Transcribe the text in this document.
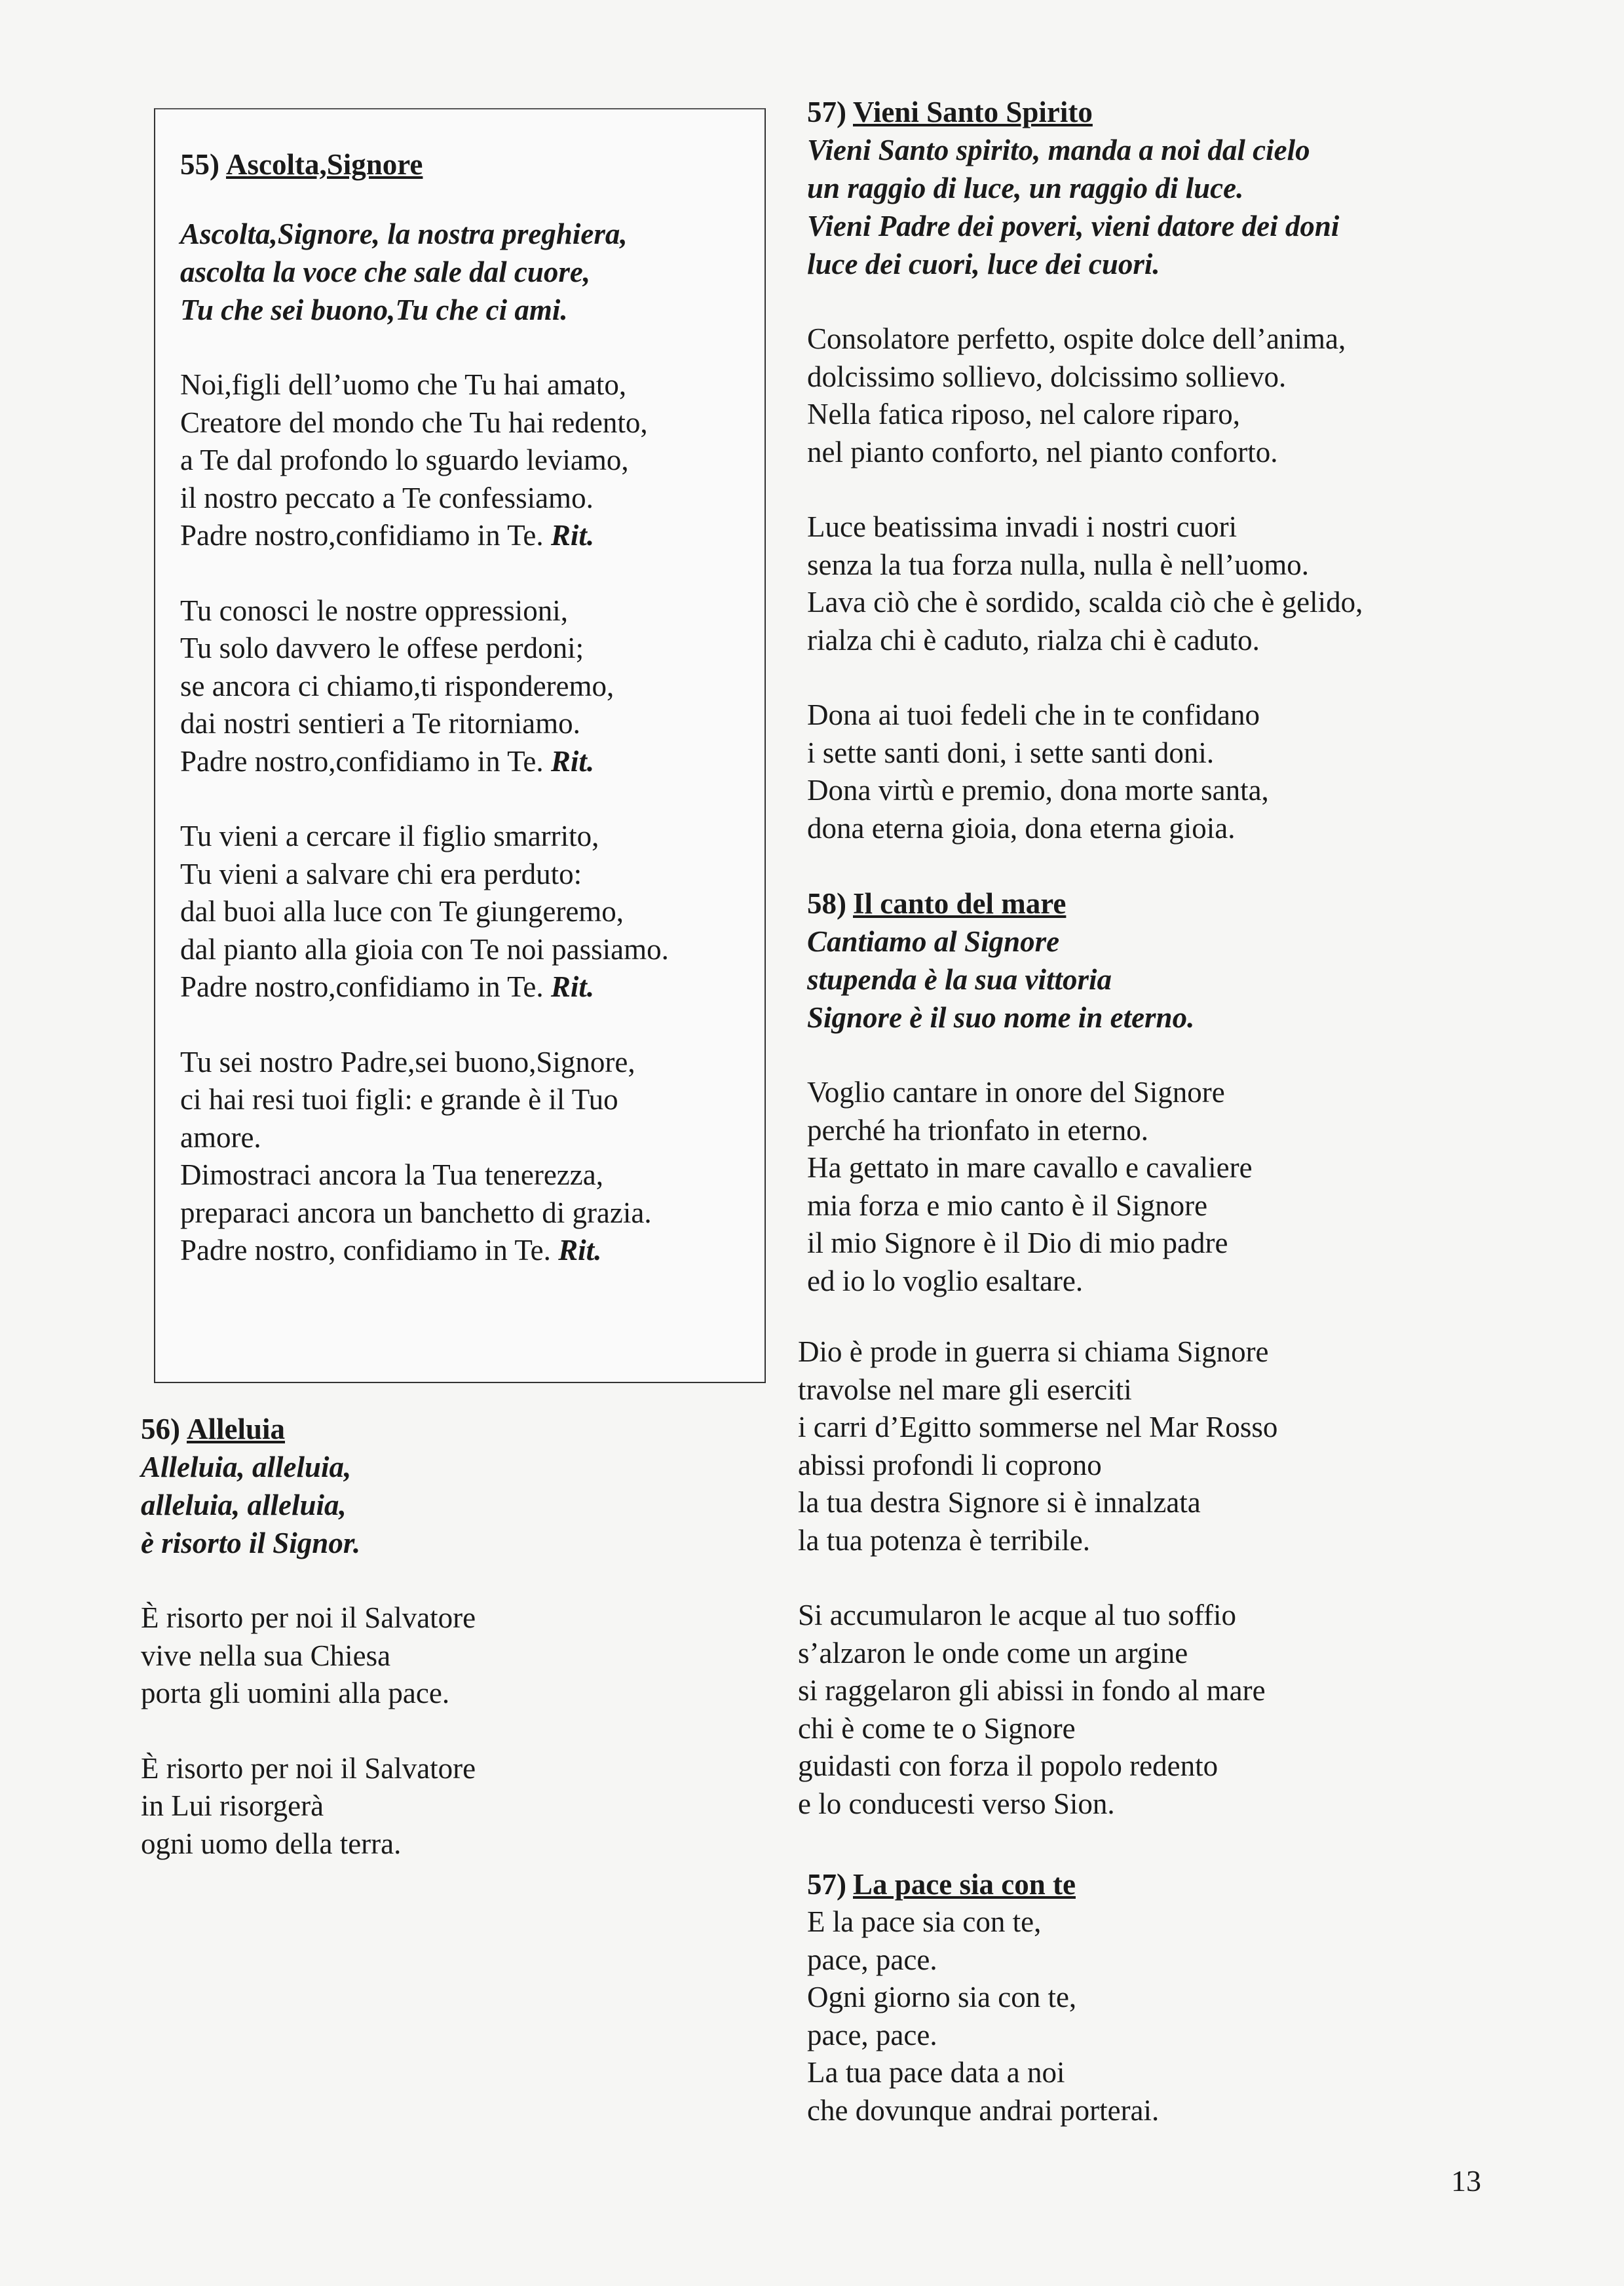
55) Ascolta,Signore
Ascolta,Signore, la nostra preghiera,
ascolta la voce che sale dal cuore,
Tu che sei buono,Tu che ci ami.
Noi,figli dell’uomo che Tu hai amato,
Creatore del mondo che Tu hai redento,
a Te dal profondo lo sguardo leviamo,
il nostro peccato a Te confessiamo.
Padre nostro,confidiamo in Te. Rit.
Tu conosci le nostre oppressioni,
Tu solo davvero le offese perdoni;
se ancora ci chiamo,ti risponderemo,
dai nostri sentieri a Te ritorniamo.
Padre nostro,confidiamo in Te. Rit.
Tu vieni a cercare il figlio smarrito,
Tu vieni a salvare chi era perduto:
dal buoi alla luce con Te giungeremo,
dal pianto alla gioia con Te noi passiamo.
Padre nostro,confidiamo in Te. Rit.
Tu sei nostro Padre,sei buono,Signore,
ci hai resi tuoi figli: e grande è il Tuo
amore.
Dimostraci ancora la Tua tenerezza,
preparaci ancora un banchetto di grazia.
Padre nostro, confidiamo in Te. Rit.
56) Alleluia
Alleluia, alleluia,
alleluia, alleluia,
è risorto il Signor.
È risorto per noi il Salvatore
vive nella sua Chiesa
porta gli uomini alla pace.
È risorto per noi il Salvatore
in Lui risorgerà
ogni uomo della terra.
57) Vieni Santo Spirito
Vieni Santo spirito, manda a noi dal cielo
un raggio di luce, un raggio di luce.
Vieni Padre dei poveri, vieni datore dei doni
luce dei cuori, luce dei cuori.
Consolatore perfetto, ospite dolce dell’anima,
dolcissimo sollievo, dolcissimo sollievo.
Nella fatica riposo, nel calore riparo,
nel pianto conforto, nel pianto conforto.
Luce beatissima invadi i nostri cuori
senza la tua forza nulla, nulla è nell’uomo.
Lava ciò che è sordido, scalda ciò che è gelido,
rialza chi è caduto, rialza chi è caduto.
Dona ai tuoi fedeli che in te confidano
i sette santi doni, i sette santi doni.
Dona virtù e premio, dona morte santa,
dona eterna gioia, dona eterna gioia.
58) Il canto del mare
Cantiamo al Signore
stupenda è la sua vittoria
Signore è il suo nome in eterno.
Voglio cantare in onore del Signore
perché ha trionfato in eterno.
Ha gettato in mare cavallo e cavaliere
mia forza e mio canto è il Signore
il mio Signore è il Dio di mio padre
ed io lo voglio esaltare.
Dio è prode in guerra si chiama Signore
travolse nel mare gli eserciti
i carri d’Egitto sommerse nel Mar Rosso
abissi profondi li coprono
la tua destra Signore si è innalzata
la tua potenza è terribile.
Si accumularon le acque al tuo soffio
s’alzaron le onde come un argine
si raggelaron gli abissi in fondo al mare
chi è come te o Signore
guidasti con forza il popolo redento
e lo conducesti verso Sion.
57) La pace sia con te
E la pace sia con te,
pace, pace.
Ogni giorno sia con te,
pace, pace.
La tua pace data a noi
che dovunque andrai porterai.
13
